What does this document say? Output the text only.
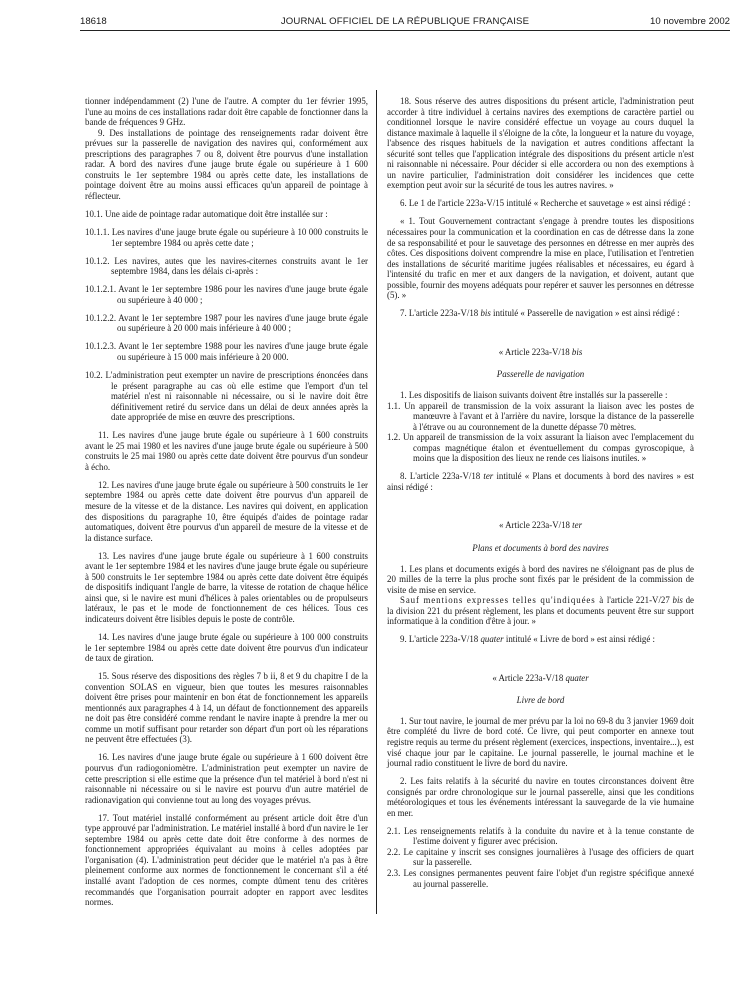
18618	JOURNAL OFFICIEL DE LA RÉPUBLIQUE FRANÇAISE	10 novembre 2002

tionner indépendamment (2) l'une de l'autre. A compter du 1er février 1995, l'une au moins de ces installations radar doit être capable de fonctionner dans la bande de fréquences 9 GHz.

9. Des installations de pointage des renseignements radar doivent être prévues sur la passerelle de navigation des navires qui, conformément aux prescriptions des paragraphes 7 ou 8, doivent être pourvus d'une installation radar. A bord des navires d'une jauge brute égale ou supérieure à 1 600 construits le 1er septembre 1984 ou après cette date, les installations de pointage doivent être au moins aussi efficaces qu'un appareil de pointage à réflecteur.

10.1. Une aide de pointage radar automatique doit être installée sur :

10.1.1. Les navires d'une jauge brute égale ou supérieure à 10 000 construits le 1er septembre 1984 ou après cette date ;

10.1.2. Les navires, autes que les navires-citernes construits avant le 1er septembre 1984, dans les délais ci-après :

10.1.2.1. Avant le 1er septembre 1986 pour les navires d'une jauge brute égale ou supérieure à 40 000 ;

10.1.2.2. Avant le 1er septembre 1987 pour les navires d'une jauge brute égale ou supérieure à 20 000 mais inférieure à 40 000 ;

10.1.2.3. Avant le 1er septembre 1988 pour les navires d'une jauge brute égale ou supérieure à 15 000 mais inférieure à 20 000.

10.2. L'administration peut exempter un navire de prescriptions énoncées dans le présent paragraphe au cas où elle estime que l'emport d'un tel matériel n'est ni raisonnable ni nécessaire, ou si le navire doit être définitivement retiré du service dans un délai de deux années après la date appropriée de mise en œuvre des prescriptions.

11. Les navires d'une jauge brute égale ou supérieure à 1 600 construits avant le 25 mai 1980 et les navires d'une jauge brute égale ou supérieure à 500 construits le 25 mai 1980 ou après cette date doivent être pourvus d'un sondeur à écho.

12. Les navires d'une jauge brute égale ou supérieure à 500 construits le 1er septembre 1984 ou après cette date doivent être pourvus d'un appareil de mesure de la vitesse et de la distance. Les navires qui doivent, en application des dispositions du paragraphe 10, être équipés d'aides de pointage radar automatiques, doivent être pourvus d'un appareil de mesure de la vitesse et de la distance surface.

13. Les navires d'une jauge brute égale ou supérieure à 1 600 construits avant le 1er septembre 1984 et les navires d'une jauge brute égale ou supérieure à 500 construits le 1er septembre 1984 ou après cette date doivent être équipés de dispositifs indiquant l'angle de barre, la vitesse de rotation de chaque hélice ainsi que, si le navire est muni d'hélices à pales orientables ou de propulseurs latéraux, le pas et le mode de fonctionnement de ces hélices. Tous ces indicateurs doivent être lisibles depuis le poste de contrôle.

14. Les navires d'une jauge brute égale ou supérieure à 100 000 construits le 1er septembre 1984 ou après cette date doivent être pourvus d'un indicateur de taux de giration.

15. Sous réserve des dispositions des règles 7 b ii, 8 et 9 du chapitre I de la convention SOLAS en vigueur, bien que toutes les mesures raisonnables doivent être prises pour maintenir en bon état de fonctionnement les appareils mentionnés aux paragraphes 4 à 14, un défaut de fonctionnement des appareils ne doit pas être considéré comme rendant le navire inapte à prendre la mer ou comme un motif suffisant pour retarder son départ d'un port où les réparations ne peuvent être effectuées (3).

16. Les navires d'une jauge brute égale ou supérieure à 1 600 doivent être pourvus d'un radiogoniomètre. L'administration peut exempter un navire de cette prescription si elle estime que la présence d'un tel matériel à bord n'est ni raisonnable ni nécessaire ou si le navire est pourvu d'un autre matériel de radionavigation qui convienne tout au long des voyages prévus.

17. Tout matériel installé conformément au présent article doit être d'un type approuvé par l'administration. Le matériel installé à bord d'un navire le 1er septembre 1984 ou après cette date doit être conforme à des normes de fonctionnement appropriées équivalant au moins à celles adoptées par l'organisation (4). L'administration peut décider que le matériel n'a pas à être pleinement conforme aux normes de fonctionnement le concernant s'il a été installé avant l'adoption de ces normes, compte dûment tenu des critères recommandés que l'organisation pourrait adopter en rapport avec lesdites normes.

18. Sous réserve des autres dispositions du présent article, l'administration peut accorder à titre individuel à certains navires des exemptions de caractère partiel ou conditionnel lorsque le navire considéré effectue un voyage au cours duquel la distance maximale à laquelle il s'éloigne de la côte, la longueur et la nature du voyage, l'absence des risques habituels de la navigation et autres conditions affectant la sécurité sont telles que l'application intégrale des dispositions du présent article n'est ni raisonnable ni nécessaire. Pour décider si elle accordera ou non des exemptions à un navire particulier, l'administration doit considérer les incidences que cette exemption peut avoir sur la sécurité de tous les autres navires. »

6. Le 1 de l'article 223a-V/15 intitulé « Recherche et sauvetage » est ainsi rédigé :

« 1. Tout Gouvernement contractant s'engage à prendre toutes les dispositions nécessaires pour la communication et la coordination en cas de détresse dans la zone de sa responsabilité et pour le sauvetage des personnes en détresse en mer auprès des côtes. Ces dispositions doivent comprendre la mise en place, l'utilisation et l'entretien des installations de sécurité maritime jugées réalisables et nécessaires, eu égard à l'intensité du trafic en mer et aux dangers de la navigation, et doivent, autant que possible, fournir des moyens adéquats pour repérer et sauver les personnes en détresse (5). »

7. L'article 223a-V/18 bis intitulé « Passerelle de navigation » est ainsi rédigé :

« Article 223a-V/18 bis

Passerelle de navigation

1. Les dispositifs de liaison suivants doivent être installés sur la passerelle :

1.1. Un appareil de transmission de la voix assurant la liaison avec les postes de manœuvre à l'avant et à l'arrière du navire, lorsque la distance de la passerelle à l'étrave ou au couronnement de la dunette dépasse 70 mètres.

1.2. Un appareil de transmission de la voix assurant la liaison avec l'emplacement du compas magnétique étalon et éventuellement du compas gyroscopique, à moins que la disposition des lieux ne rende ces liaisons inutiles. »

8. L'article 223a-V/18 ter intitulé « Plans et documents à bord des navires » est ainsi rédigé :

« Article 223a-V/18 ter

Plans et documents à bord des navires

1. Les plans et documents exigés à bord des navires ne s'éloignant pas de plus de 20 milles de la terre la plus proche sont fixés par le président de la commission de visite de mise en service.

Sauf mentions expresses telles qu'indiquées à l'article 221-V/27 bis de la division 221 du présent règlement, les plans et documents peuvent être sur support informatique à la condition d'être à jour. »

9. L'article 223a-V/18 quater intitulé « Livre de bord » est ainsi rédigé :

« Article 223a-V/18 quater

Livre de bord

1. Sur tout navire, le journal de mer prévu par la loi no 69-8 du 3 janvier 1969 doit être complété du livre de bord coté. Ce livre, qui peut comporter en annexe tout registre requis au terme du présent règlement (exercices, inspections, inventaire...), est visé chaque jour par le capitaine. Le journal passerelle, le journal machine et le journal radio constituent le livre de bord du navire.

2. Les faits relatifs à la sécurité du navire en toutes circonstances doivent être consignés par ordre chronologique sur le journal passerelle, ainsi que les conditions météorologiques et tous les événements intéressant la sauvegarde de la vie humaine en mer.

2.1. Les renseignements relatifs à la conduite du navire et à la tenue constante de l'estime doivent y figurer avec précision.

2.2. Le capitaine y inscrit ses consignes journalières à l'usage des officiers de quart sur la passerelle.

2.3. Les consignes permanentes peuvent faire l'objet d'un registre spécifique annexé au journal passerelle.
